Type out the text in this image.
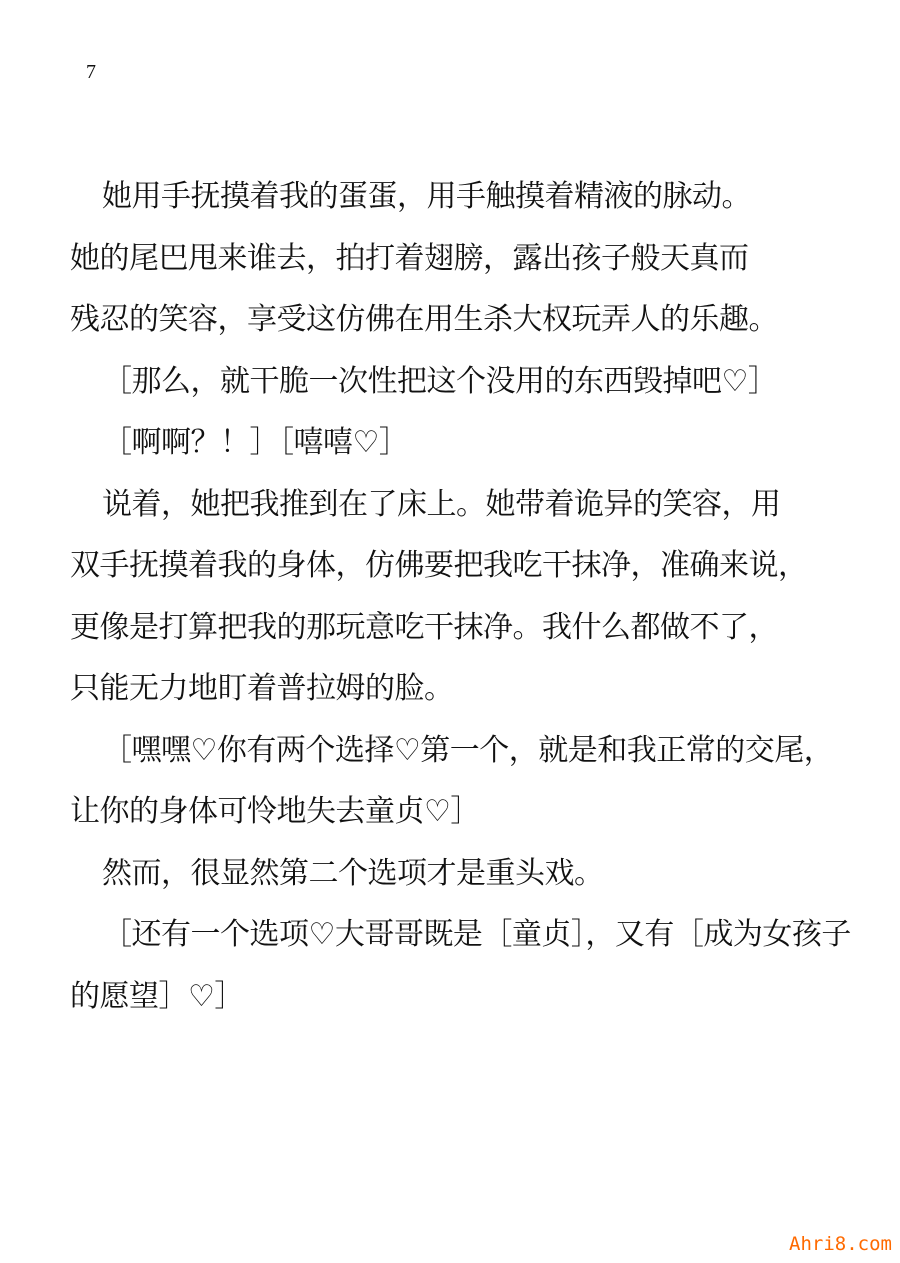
7
她用手抚摸着我的蛋蛋，用手触摸着精液的脉动。
她的尾巴甩来谁去，拍打着翅膀，露出孩子般天真而
残忍的笑容，享受这仿佛在用生杀大权玩弄人的乐趣。
［那么，就干脆一次性把这个没用的东西毁掉吧♡］
［啊啊？！］［嘻嘻♡］
说着，她把我推到在了床上。她带着诡异的笑容，用
双手抚摸着我的身体，仿佛要把我吃干抹净，准确来说，
更像是打算把我的那玩意吃干抹净。我什么都做不了，
只能无力地盯着普拉姆的脸。
［嘿嘿♡你有两个选择♡第一个，就是和我正常的交尾，
让你的身体可怜地失去童贞♡］
然而，很显然第二个选项才是重头戏。
［还有一个选项♡大哥哥既是［童贞］，又有［成为女孩子
的愿望］♡］
Ahri8.com
